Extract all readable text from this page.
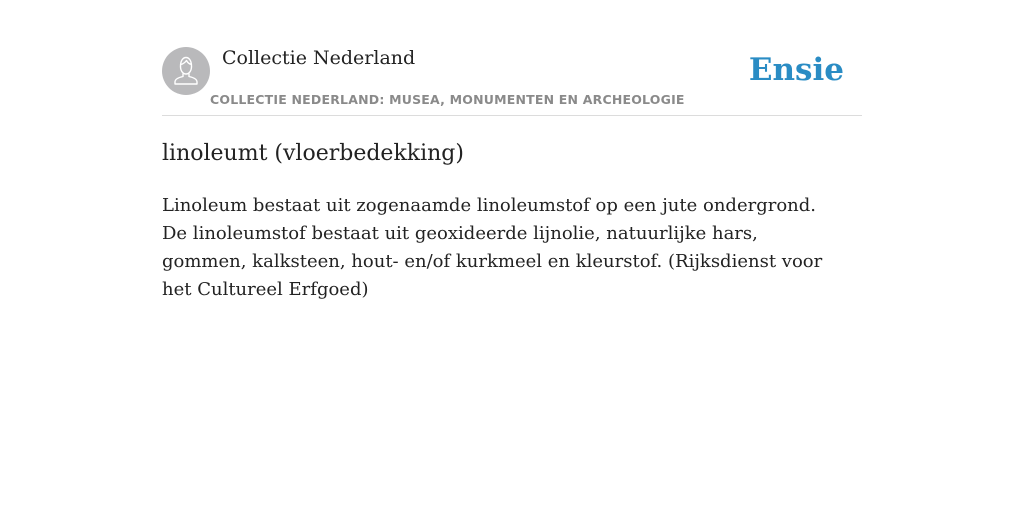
Collectie Nederland
COLLECTIE NEDERLAND: MUSEA, MONUMENTEN EN ARCHEOLOGIE
Ensie
linoleumt (vloerbedekking)

Linoleum bestaat uit zogenaamde linoleumstof op een jute ondergrond. De linoleumstof bestaat uit geoxideerde lijnolie, natuurlijke hars, gommen, kalksteen, hout- en/of kurkmeel en kleurstof. (Rijksdienst voor het Cultureel Erfgoed)
